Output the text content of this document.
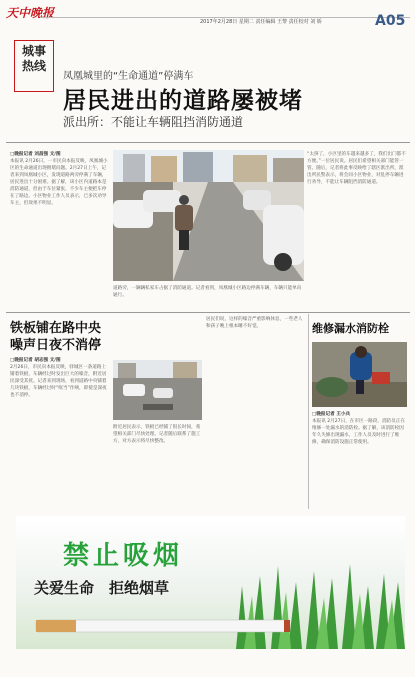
天中晚报
2017年2月28日 星期二 责任编辑 王黎 责任校对 刘 娇	A05
城事
热线
凤凰城里的“生命通道”停满车
居民进出的道路屡被堵
派出所：不能让车辆阻挡消防通道
□晚报记者 刘昌强 文/图
本报讯 2月26日，一市民向本报反映，凤凰城小区的生命通道出现拥堵问题。2月27日上午，记者来到凤凰城小区，发现道路两旁停满了车辆，居民进出十分困难。据了解，该小区内道路本是消防通道，但由于车位紧张，不少车主便把车停在了路边。小区物业工作人员表示，已多次劝导车主，但效果不明显。
“太挤了，小区里的车越来越多了，我们出门都不方便。”一位居民说。居民们希望相关部门能管一管。随后，记者将此事反映给了辖区派出所，派出所民警表示，将会同小区物业，对乱停车辆进行劝导，不能让车辆阻挡消防通道。
道路旁，一辆辆私家车占据了消防通道。记者看到，凤凰城小区路边停满车辆，车辆只能单向通行。
铁板铺在路中央
噪声日夜不消停
□晚报记者 胡志强 文/图
2月26日，市民向本报反映，驿城区一条道路上铺着铁板，车辆经过时发出巨大的噪音，附近居民深受其扰。记者来到现场，看到道路中央铺着几块铁板，车辆经过时“哐当”作响，即使是深夜也不消停。
附近居民表示，铁板已经铺了很长时间，希望相关部门尽快处理。记者随后联系了施工方，对方表示将尽快整改。
居民们说，这样的噪音严重影响休息，一些老人和孩子晚上根本睡不好觉。	维修漏水消防栓
□晚报记者 王小兵
本报讯 2月27日，在市区一路段，消防员正在维修一处漏水的消防栓。据了解，该消防栓因年久失修出现漏水，工作人员及时进行了维修，确保消防设施正常使用。
禁止吸烟
关爱生命　拒绝烟草
